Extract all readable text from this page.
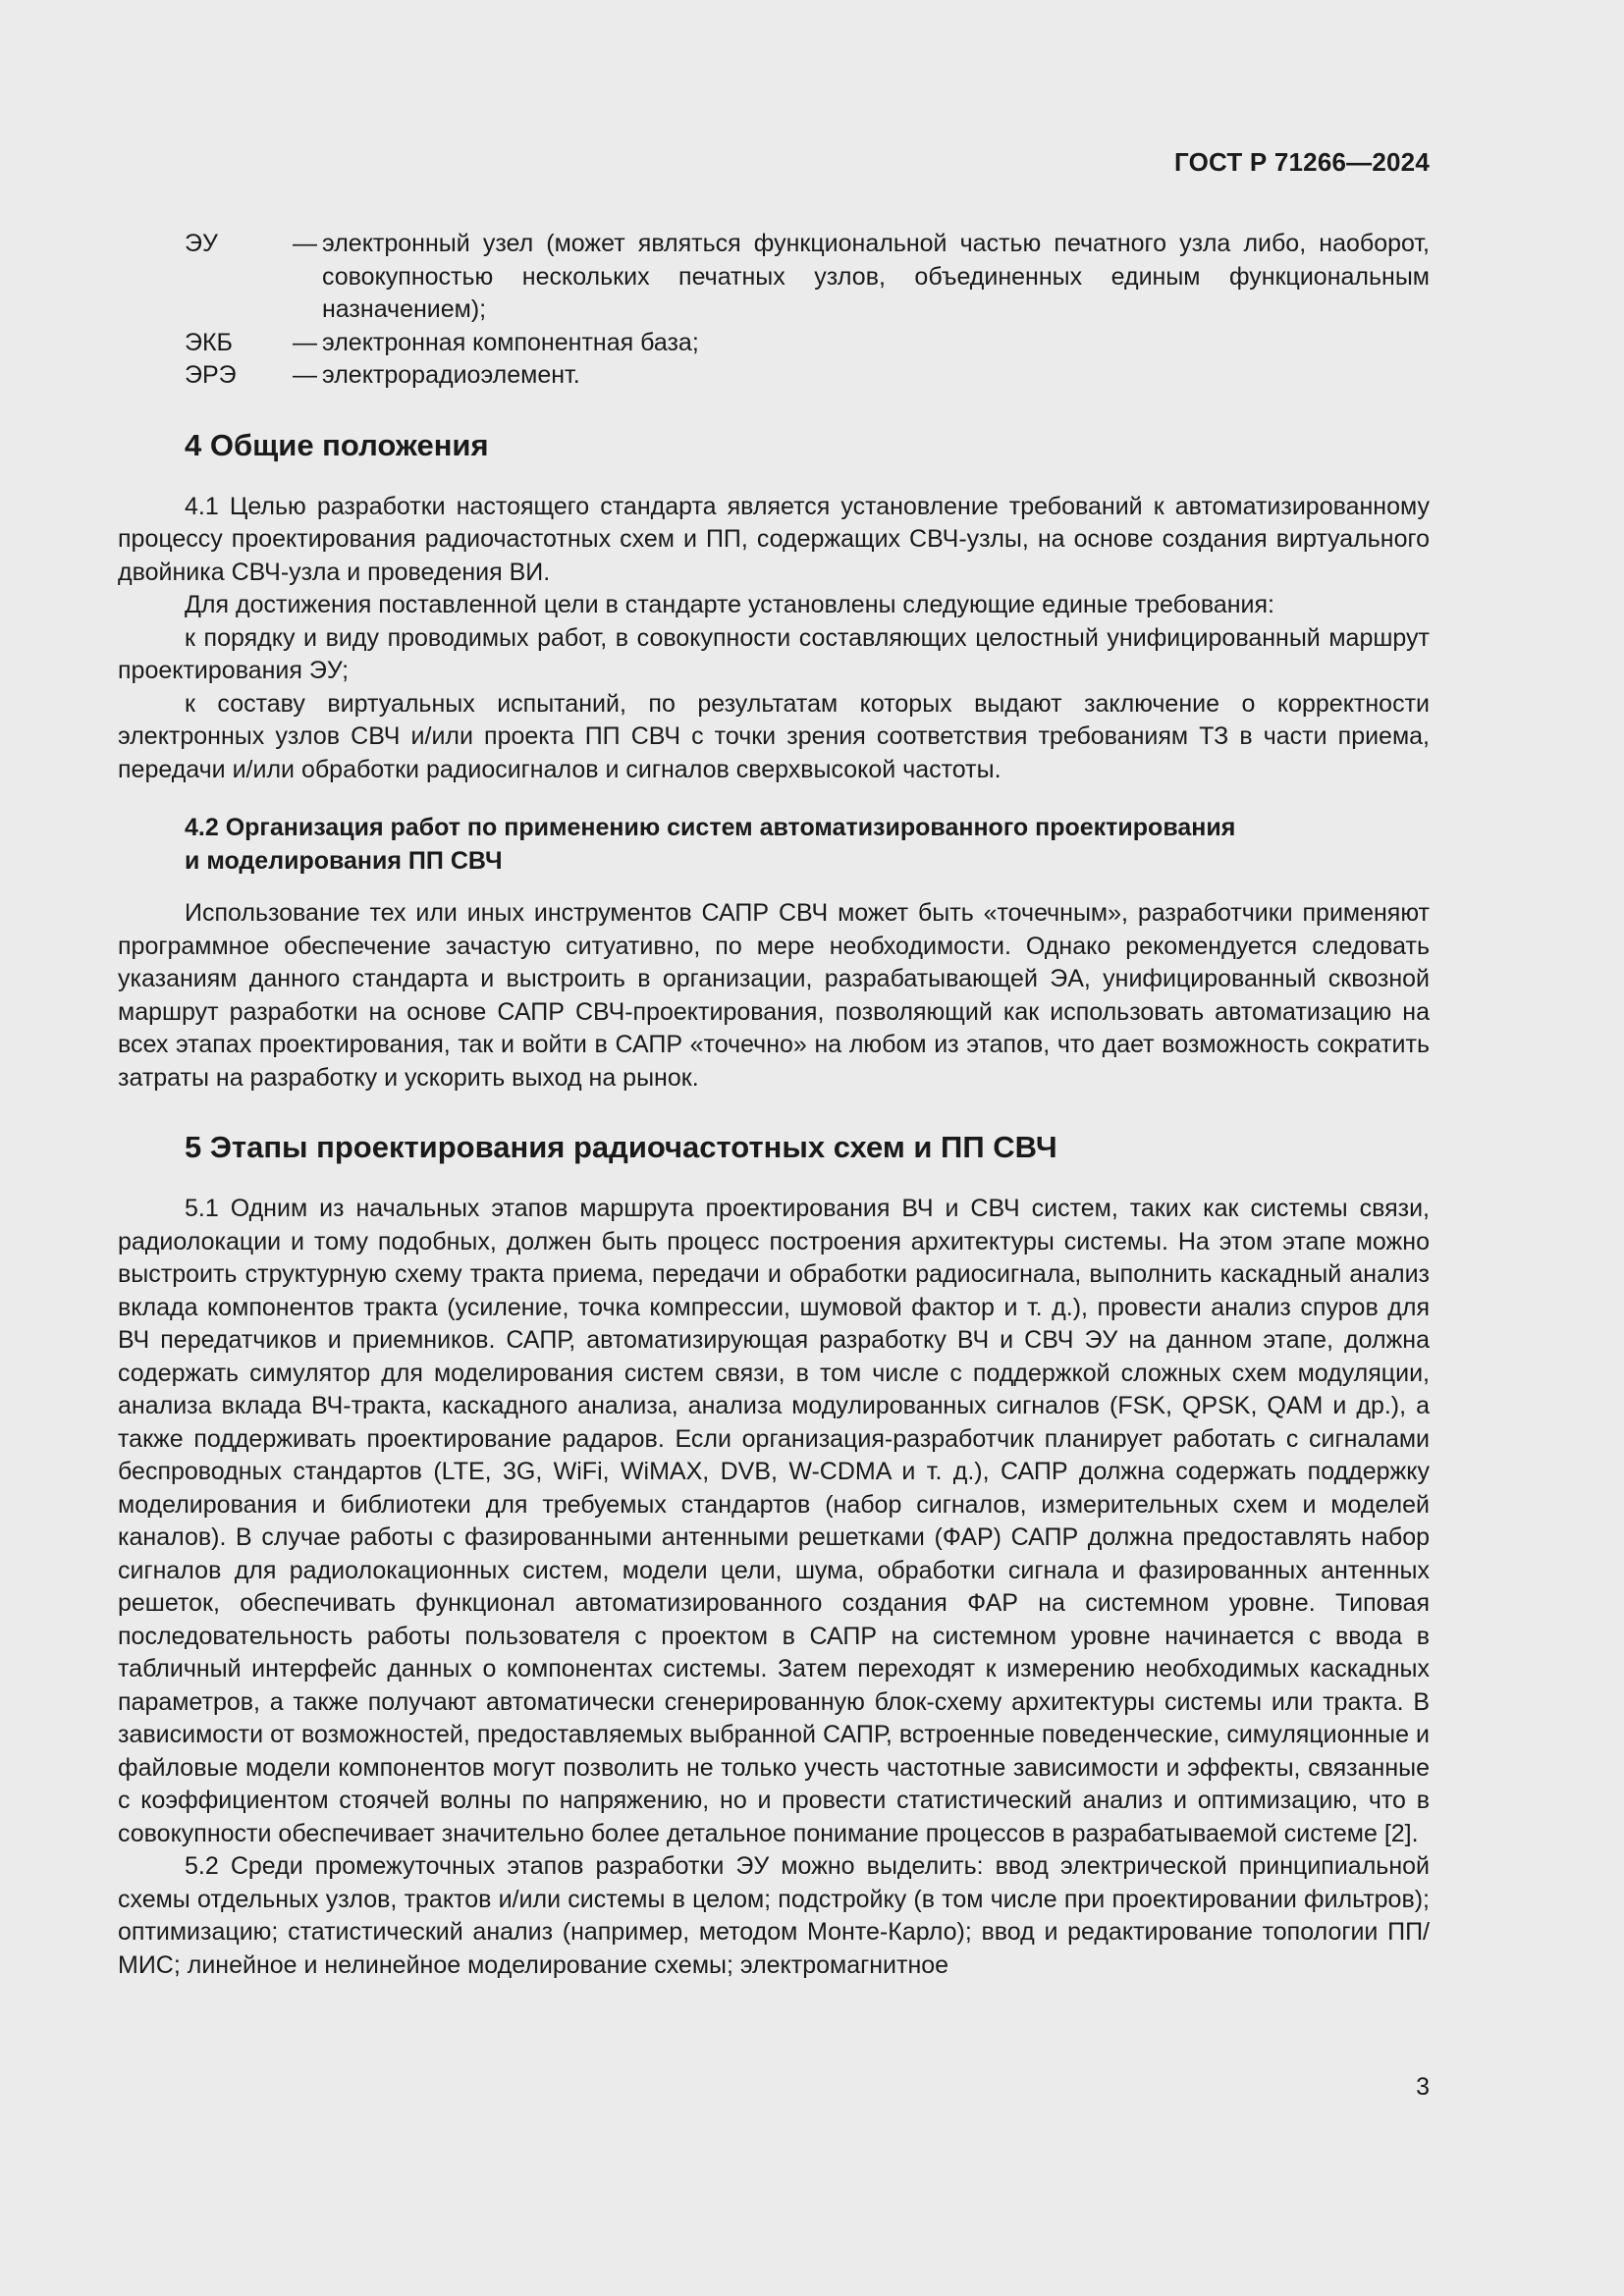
ГОСТ Р 71266—2024
ЭУ	— электронный узел (может являться функциональной частью печатного узла либо, наоборот, совокупностью нескольких печатных узлов, объединенных единым функциональным назначением);
ЭКБ	— электронная компонентная база;
ЭРЭ	— электрорадиоэлемент.
4 Общие положения

4.1 Целью разработки настоящего стандарта является установление требований к автоматизированному процессу проектирования радиочастотных схем и ПП, содержащих СВЧ-узлы, на основе создания виртуального двойника СВЧ-узла и проведения ВИ.

Для достижения поставленной цели в стандарте установлены следующие единые требования:

к порядку и виду проводимых работ, в совокупности составляющих целостный унифицированный маршрут проектирования ЭУ;

к составу виртуальных испытаний, по результатам которых выдают заключение о корректности электронных узлов СВЧ и/или проекта ПП СВЧ с точки зрения соответствия требованиям ТЗ в части приема, передачи и/или обработки радиосигналов и сигналов сверхвысокой частоты.

4.2 Организация работ по применению систем автоматизированного проектирования
и моделирования ПП СВЧ

Использование тех или иных инструментов САПР СВЧ может быть «точечным», разработчики применяют программное обеспечение зачастую ситуативно, по мере необходимости. Однако рекомендуется следовать указаниям данного стандарта и выстроить в организации, разрабатывающей ЭА, унифицированный сквозной маршрут разработки на основе САПР СВЧ-проектирования, позволяющий как использовать автоматизацию на всех этапах проектирования, так и войти в САПР «точечно» на любом из этапов, что дает возможность сократить затраты на разработку и ускорить выход на рынок.

5 Этапы проектирования радиочастотных схем и ПП СВЧ

5.1 Одним из начальных этапов маршрута проектирования ВЧ и СВЧ систем, таких как системы связи, радиолокации и тому подобных, должен быть процесс построения архитектуры системы. На этом этапе можно выстроить структурную схему тракта приема, передачи и обработки радиосигнала, выполнить каскадный анализ вклада компонентов тракта (усиление, точка компрессии, шумовой фактор и т. д.), провести анализ спуров для ВЧ передатчиков и приемников. САПР, автоматизирующая разработку ВЧ и СВЧ ЭУ на данном этапе, должна содержать симулятор для моделирования систем связи, в том числе с поддержкой сложных схем модуляции, анализа вклада ВЧ-тракта, каскадного анализа, анализа модулированных сигналов (FSK, QPSK, QAM и др.), а также поддерживать проектирование радаров. Если организация-разработчик планирует работать с сигналами беспроводных стандартов (LTE, 3G, WiFi, WiMAX, DVB, W-CDMA и т. д.), САПР должна содержать поддержку моделирования и библиотеки для требуемых стандартов (набор сигналов, измерительных схем и моделей каналов). В случае работы с фазированными антенными решетками (ФАР) САПР должна предоставлять набор сигналов для радиолокационных систем, модели цели, шума, обработки сигнала и фазированных антенных решеток, обеспечивать функционал автоматизированного создания ФАР на системном уровне. Типовая последовательность работы пользователя с проектом в САПР на системном уровне начинается с ввода в табличный интерфейс данных о компонентах системы. Затем переходят к измерению необходимых каскадных параметров, а также получают автоматически сгенерированную блок-схему архитектуры системы или тракта. В зависимости от возможностей, предоставляемых выбранной САПР, встроенные поведенческие, симуляционные и файловые модели компонентов могут позволить не только учесть частотные зависимости и эффекты, связанные с коэффициентом стоячей волны по напряжению, но и провести статистический анализ и оптимизацию, что в совокупности обеспечивает значительно более детальное понимание процессов в разрабатываемой системе [2].

5.2 Среди промежуточных этапов разработки ЭУ можно выделить: ввод электрической принципиальной схемы отдельных узлов, трактов и/или системы в целом; подстройку (в том числе при проектировании фильтров); оптимизацию; статистический анализ (например, методом Монте-Карло); ввод и редактирование топологии ПП/МИС; линейное и нелинейное моделирование схемы; электромагнитное

3
